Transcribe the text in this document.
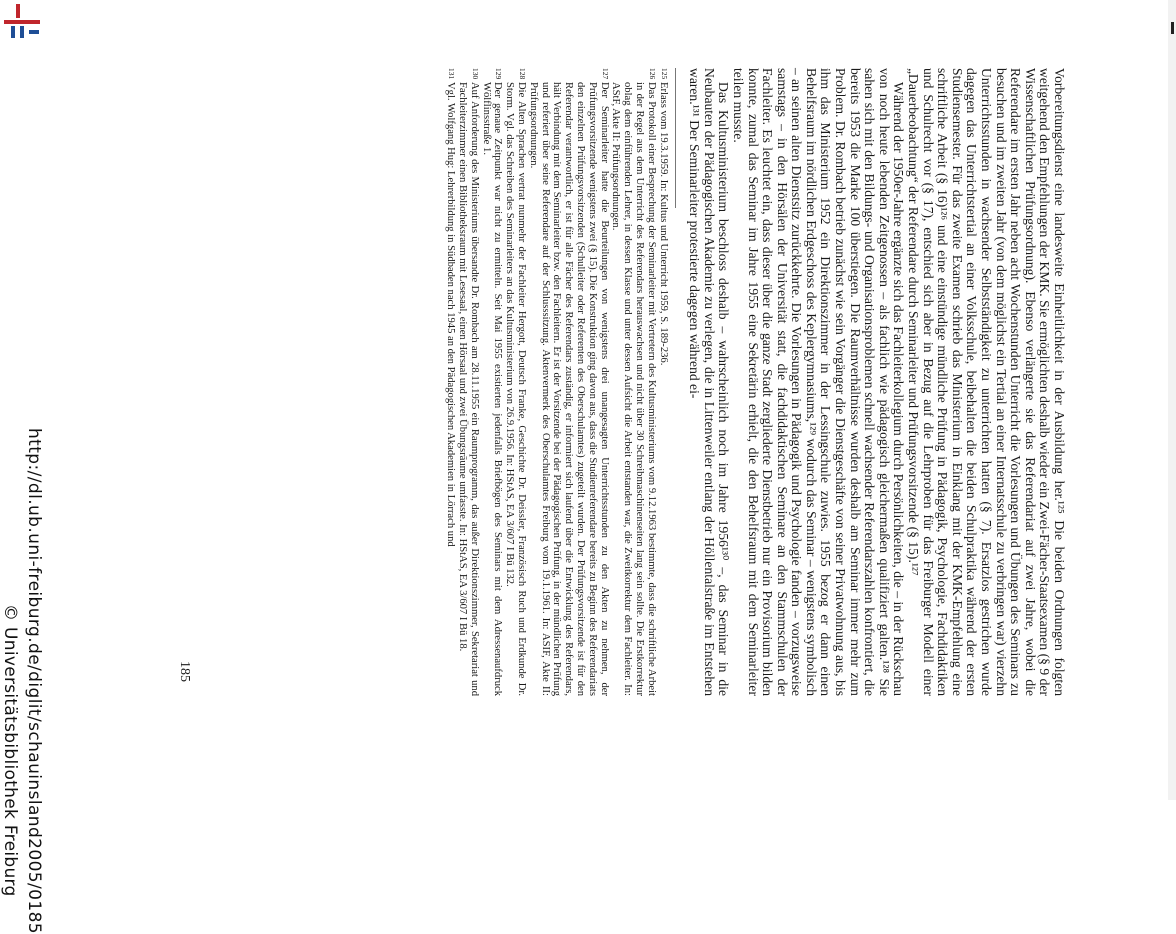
http://dl.ub.uni-freiburg.de/diglit/schauinsland2005/0185
© Universitätsbibliothek Freiburg

Vorbereitungsdienst eine landesweite Einheitlichkeit in der Ausbildung her.¹²⁵ Die beiden Ordnungen folgten weitgehend den Empfehlungen der KMK. Sie ermöglichten deshalb wieder ein Zwei-Fächer-Staatsexamen (§ 9 der Wissenschaftlichen Prüfungsordnung). Ebenso verlängerte sie das Referendariat auf zwei Jahre, wobei die Referendare im ersten Jahr neben acht Wochenstunden Unterricht die Vorlesungen und Übungen des Seminars zu besuchen und im zweiten Jahr (von dem möglichst ein Tertial an einer Internatsschule zu verbringen war) vierzehn Unterrichtsstunden in wachsender Selbstständigkeit zu unterrichten hatten (§ 7). Ersatzlos gestrichen wurde dagegen das Unterrichtstertial an einer Volksschule, beibehalten die beiden Schulpraktika während der ersten Studiensemester. Für das zweite Examen schrieb das Ministerium in Einklang mit der KMK-Empfehlung eine schriftliche Arbeit (§ 16)¹²⁶ und eine einstündige mündliche Prüfung in Pädagogik, Psychologie, Fachdidaktiken und Schulrecht vor (§ 17), entschied sich aber in Bezug auf die Lehrproben für das Freiburger Modell einer „Dauerbeobachtung“ der Referendare durch Seminarleiter und Prüfungsvorsitzende (§ 15).¹²⁷

Während der 1950er-Jahre ergänzte sich das Fachleiterkollegium durch Persönlichkeiten, die – in der Rückschau von noch heute lebenden Zeitgenossen – als fachlich wie pädagogisch gleichermaßen qualifiziert galten.¹²⁸ Sie sahen sich mit den Bildungs- und Organisationsproblemen schnell wachsender Referendarszahlen konfrontiert, die bereits 1953 die Marke 100 überstiegen. Die Raumverhältnisse wurden deshalb am Seminar immer mehr zum Problem. Dr. Rombach betrieb zunächst wie sein Vorgänger die Dienstgeschäfte von seiner Privatwohnung aus, bis ihm das Ministerium 1952 ein Direktionszimmer in der Lessingschule zuwies. 1955 bezog er dann einen Behelfsraum im nördlichen Erdgeschoss des Keplergymnasiums,¹²⁹ wodurch das Seminar – wenigstens symbolisch – an seinen alten Dienstsitz zurückkehrte. Die Vorlesungen in Pädagogik und Psychologie fanden – vorzugsweise samstags – in den Hörsälen der Universität statt, die fachdidaktischen Seminare an den Stammschulen der Fachleiter. Es leuchtet ein, dass dieser über die ganze Stadt zergliederte Dienstbetrieb nur ein Provisorium bilden konnte, zumal das Seminar im Jahre 1955 eine Sekretärin erhielt, die den Behelfsraum mit dem Seminarleiter teilen musste.

Das Kultusministerium beschloss deshalb – wahrscheinlich noch im Jahre 1956¹³⁰ –, das Seminar in die Neubauten der Pädagogischen Akademie zu verlegen, die in Littenweiler entlang der Höllentalstraße im Entstehen waren.¹³¹ Der Seminarleiter protestierte dagegen während ei-

125
Erlass vom 19.3.1959. In: Kultus und Unterricht 1959, S. 189-236.
126
Das Protokoll einer Besprechung der Seminarleiter mit Vertretern des Kultusministeriums vom 9.12.1963 bestimmte, dass die schriftliche Arbeit in der Regel aus dem Unterricht des Referendars herauswachsen und nicht über 30 Schreibmaschinenseiten lang sein sollte. Die Erstkorrektur oblag dem einführenden Lehrer, in dessen Klasse und unter dessen Aufsicht die Arbeit entstanden war, die Zweitkorrektur dem Fachleiter. In: AStF, Akte II: Prüfungsordnungen.
127
Der Seminarleiter hatte die Beurteilungen von wenigstens drei unangesagten Unterrichtsstunden zu den Akten zu nehmen, der Prüfungsvorsitzende wenigstens zwei (§ 15). Die Konstruktion ging davon aus, dass die Studienreferendare bereits zu Beginn des Referendariats den einzelnen Prüfungsvorsitzenden (Schulleiter oder Referenten des Oberschulamtes) zugeteilt wurden. Der Prüfungsvorsitzende ist für den Referendar verantwortlich, er ist für alle Fächer des Referendars zuständig, er informiert sich laufend über die Entwicklung des Referendars, hält Verbindung mit dem Seminarleiter bzw. den Fachleitern. Er ist der Vorsitzende bei der Pädagogischen Prüfung, in der mündlichen Prüfung und referiert über seine Referendare auf der Schlusssitzung. Aktenvermerk des Oberschulamtes Freiburg vom 19.1.1961. In: ASIF, Akte II: Prüfungsordnungen.
128
Die Alten Sprachen vertrat nunmehr der Fachleiter Hergott, Deutsch Franke, Geschichte Dr. Deissler, Französisch Ruch und Erdkunde Dr. Storm. Vgl. das Schreiben des Seminarleiters an das Kultusministerium von 26.9.1956. In: HStAS, EA 3/607 I Bü 132.
129
Der genaue Zeitpunkt war nicht zu ermitteln. Seit Mai 1955 existierten jedenfalls Briefbögen des Seminars mit dem Adressenaufdruck Wölflinsstraße 1.
130
Auf Anforderung des Ministeriums übersandte Dr. Rombach am 28.11.1955 ein Raumprogramm, das außer Direktionszimmer, Sekretariat und Fachleiterzimmer einen Bibliotheksraum mit Lesesaal, einen Hörsaal und zwei Übungsräume umfasste. In: HStAS, EA 3/607 I Bü 18.
131
Vgl. Wolfgang Hug: Lehrerbildung in Südbaden nach 1945 an den Pädagogischen Akademien in Lörrach und
185
